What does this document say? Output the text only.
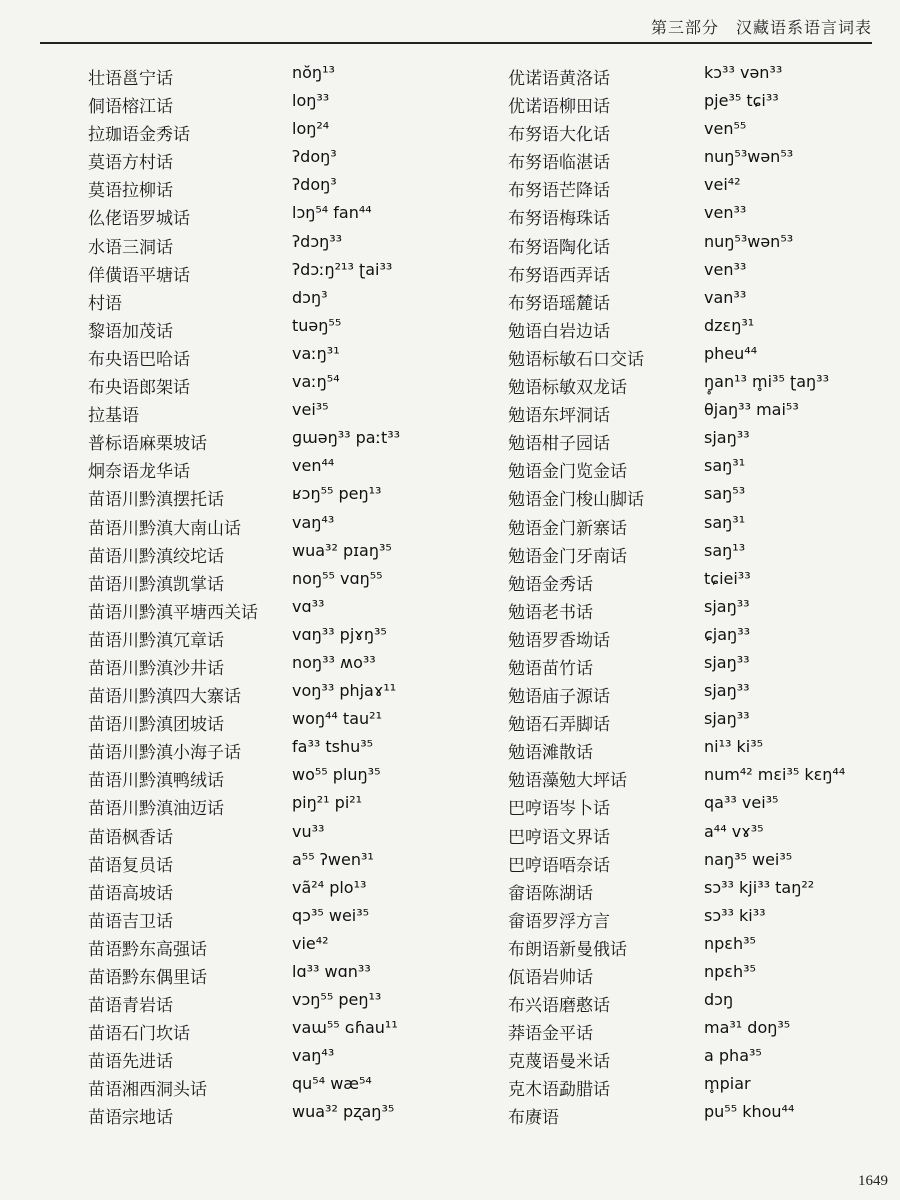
第三部分　汉藏语系语言词表
壮语邕宁话	nŏŋ¹³
侗语榕江话	loŋ³³
拉珈语金秀话	loŋ²⁴
莫语方村话	ʔdoŋ³
莫语拉柳话	ʔdoŋ³
仫佬语罗城话	lɔŋ⁵⁴ fan⁴⁴
水语三洞话	ʔdɔŋ³³
佯僙语平塘话	ʔdɔːŋ²¹³ ʈai³³
村语	dɔŋ³
黎语加茂话	tuəŋ⁵⁵
布央语巴哈话	vaːŋ³¹
布央语郎架话	vaːŋ⁵⁴
拉基语	vei³⁵
普标语麻栗坡话	ɡɯəŋ³³ paːt³³
炯奈语龙华话	ven⁴⁴
苗语川黔滇摆托话	ʁɔŋ⁵⁵ peŋ¹³
苗语川黔滇大南山话	vaŋ⁴³
苗语川黔滇绞坨话	wua³² pɪaŋ³⁵
苗语川黔滇凯掌话	noŋ⁵⁵ vɑŋ⁵⁵
苗语川黔滇平塘西关话 vɑ³³
苗语川黔滇冗章话	vɑŋ³³ pjɤŋ³⁵
苗语川黔滇沙井话	noŋ³³ ʍo³³
苗语川黔滇四大寨话	voŋ³³ phjaɤ¹¹
苗语川黔滇团坡话	woŋ⁴⁴ tau²¹
苗语川黔滇小海子话	fa³³ tshu³⁵
苗语川黔滇鸭绒话	wo⁵⁵ pluŋ³⁵
苗语川黔滇油迈话	piŋ²¹ pi²¹
苗语枫香话	vu³³
苗语复员话	a⁵⁵ ʔwen³¹
苗语高坡话	vã²⁴ plo¹³
苗语吉卫话	qɔ³⁵ wei³⁵
苗语黔东高强话	vie⁴²
苗语黔东偶里话	lɑ³³ wɑn³³
苗语青岩话	vɔŋ⁵⁵ peŋ¹³
苗语石门坎话	vaɯ⁵⁵ ɢɦau¹¹
苗语先进话	vaŋ⁴³
苗语湘西洞头话	qu⁵⁴ wæ⁵⁴
苗语宗地话	wua³² pʐaŋ³⁵
优诺语黄洛话	kɔ³³ vən³³
优诺语柳田话	pje³⁵ tɕi³³
布努语大化话	ven⁵⁵
布努语临湛话	nuŋ⁵³wən⁵³
布努语芒降话	vei⁴²
布努语梅珠话	ven³³
布努语陶化话	nuŋ⁵³wən⁵³
布努语西弄话	ven³³
布努语瑶麓话	van³³
勉语白岩边话	dzɛŋ³¹
勉语标敏石口交话	pheu⁴⁴
勉语标敏双龙话	ŋ̥an¹³ m̥i³⁵ ʈaŋ³³
勉语东坪洞话	θjaŋ³³ mai⁵³
勉语柑子园话	sjaŋ³³
勉语金门览金话	saŋ³¹
勉语金门梭山脚话	saŋ⁵³
勉语金门新寨话	saŋ³¹
勉语金门牙南话	saŋ¹³
勉语金秀话	tɕiei³³
勉语老书话	sjaŋ³³
勉语罗香坳话	ɕjaŋ³³
勉语苗竹话	sjaŋ³³
勉语庙子源话	sjaŋ³³
勉语石弄脚话	sjaŋ³³
勉语滩散话	ni¹³ ki³⁵
勉语藻勉大坪话	num⁴² mɛi³⁵ kɛŋ⁴⁴
巴哼语岑卜话	qa³³ vei³⁵
巴哼语文界话	a⁴⁴ vɤ³⁵
巴哼语唔奈话	naŋ³⁵ wei³⁵
畲语陈湖话	sɔ³³ kji³³ taŋ²²
畲语罗浮方言	sɔ³³ ki³³
布朗语新曼俄话	npɛh³⁵
佤语岩帅话	npɛh³⁵
布兴语磨憨话	dɔŋ
莽语金平话	ma³¹ doŋ³⁵
克蔑语曼米话	a pha³⁵
克木语勐腊话	m̥piar
布赓语	pu⁵⁵ khou⁴⁴
1649
